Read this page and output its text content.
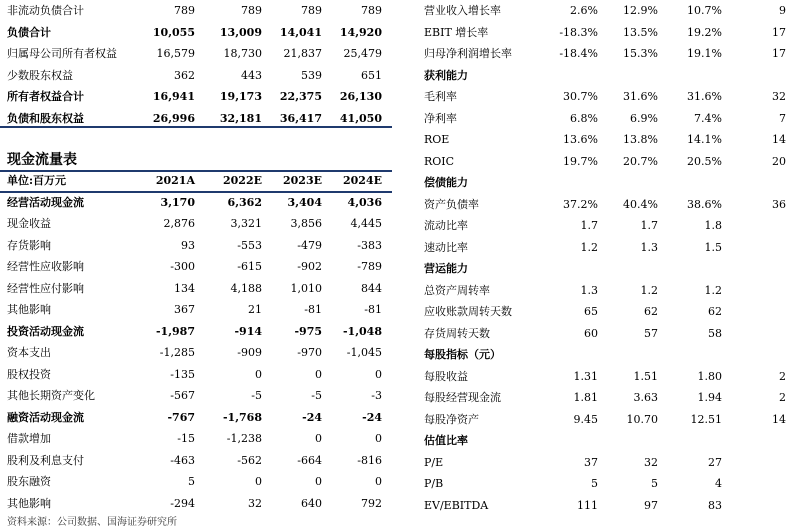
非流动负债合计	789	789	789	789
负债合计	10,055	13,009	14,041	14,920
归属母公司所有者权益	16,579	18,730	21,837	25,479
少数股东权益	362	443	539	651
所有者权益合计	16,941	19,173	22,375	26,130
负债和股东权益	26,996	32,181	36,417	41,050
现金流量表
单位:百万元	2021A	2022E	2023E	2024E
经营活动现金流	3,170	6,362	3,404	4,036
现金收益	2,876	3,321	3,856	4,445
存货影响	93	-553	-479	-383
经营性应收影响	-300	-615	-902	-789
经营性应付影响	134	4,188	1,010	844
其他影响	367	21	-81	-81
投资活动现金流	-1,987	-914	-975	-1,048
资本支出	-1,285	-909	-970	-1,045
股权投资	-135	0	0	0
其他长期资产变化	-567	-5	-5	-3
融资活动现金流	-767	-1,768	-24	-24
借款增加	-15	-1,238	0	0
股利及利息支付	-463	-562	-664	-816
股东融资	5	0	0	0
其他影响	-294	32	640	792
营业收入增长率	2.6%	12.9%	10.7%	9
EBIT 增长率	-18.3%	13.5%	19.2%	17
归母净利润增长率	-18.4%	15.3%	19.1%	17
获利能力
毛利率	30.7%	31.6%	31.6%	32
净利率	6.8%	6.9%	7.4%	7
ROE	13.6%	13.8%	14.1%	14
ROIC	19.7%	20.7%	20.5%	20
偿债能力
资产负债率	37.2%	40.4%	38.6%	36
流动比率	1.7	1.7	1.8
速动比率	1.2	1.3	1.5
营运能力
总资产周转率	1.3	1.2	1.2
应收账款周转天数	65	62	62
存货周转天数	60	57	58
每股指标（元）
每股收益	1.31	1.51	1.80	2
每股经营现金流	1.81	3.63	1.94	2
每股净资产	9.45	10.70	12.51	14
估值比率
P/E	37	32	27
P/B	5	5	4
EV/EBITDA	111	97	83
资料来源：公司数据、国海证券研究所
